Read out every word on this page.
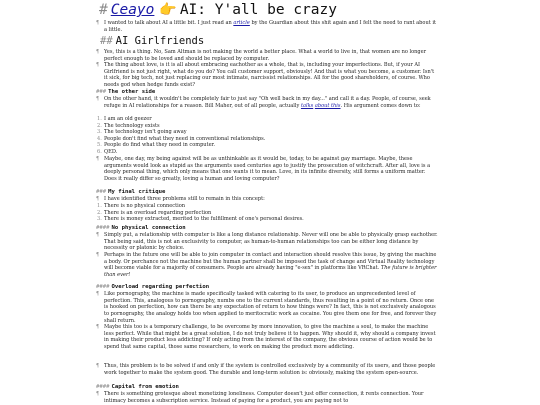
# Ceayo 👉 AI: Y'all be crazy
¶ I wanted to talk about AI a little bit. I just read an article by the Guardian about this shit again and I felt the need to rant about it a little.
## AI Girlfriends
¶ Yes, this is a thing. No, Sam Altman is not making the world a better place. What a world to live in, that women are no longer perfect enough to be loved and should be replaced by computer.
¶ The thing about love, is it is all about embracing eachother as a whole, that is, including your imperfections. But, if your AI Girlfriend is not just right, what do you do? You call customer support, obviously! And that is what you become, a customer. Isn't it sick, for big tech, not just replacing our most intimate, narcissist relationships. All for the good shareholders, of course. Who needs god when hedge funds exist?
### The other side
¶ On the other hand, it wouldn't be completely fair to just say "Oh well back in my day..." and call it a day. People, of course, seek refuge in AI relationships for a reason. Bill Maher, out of all people, actually talks about this. His argument comes down to:
1. I am an old geezer
2. The technology exists
3. The technology isn't going away
4. People don't find what they need in conventional relationships.
5. People do find what they need in computer.
6. QED.
¶ Maybe, one day, my being against will be as unthinkable as it would be, today, to be against gay marriage. Maybe, these arguments would look as stupid as the arguments used centuries ago to justify the prosecution of witchcraft. After all, love is a deeply personal thing, which only means that one wants it to mean. Love, in its infinite diversity, still forms a uniform matter. Does it really differ so greatly, loving a human and loving computer?
### My final critique
¶ I have identified three problems still to remain in this concept:
1. There is no physical connection
2. There is an overload regarding perfection
3. There is money extracted, merited to the fulfillment of one's personal desires.
#### No physical connection
¶ Simply put, a relationship with computer is like a long distance relationship. Never will one be able to physically grasp eachother. That being said, this is not an exclusivity to computer, as human-to-human relationships too can be either long distance by necessity or platonic by choice.
¶ Perhaps in the future one will be able to join computer in contact and interaction should resolve this issue, by giving the machine a body. Or perchance not the machine but the human partner shall be imposed the task of change and Virtual Reality technology will become viable for a majority of consumers. People are already having "e-sex" in platforms like VRChat. The future is brighter than ever!
#### Overload regarding perfection
¶ Like pornography, the machine is made specifically tasked with catering to its user, to produce an unprecedented level of perfection. This, analogous to pornography, numbs one to the current standards, thus resulting in a point of no return. Once one is hooked on perfection, how can there be any expectation of return to how things were? In fact, this is not exclusively analogous to pornography, the analogy holds too when applied to meritocratic work as cocaine. You give them one for free, and forever they shall return.
¶ Maybe this too is a temporary challenge, to be overcome by more innovation, to give the machine a soul, to make the machine less perfect. While that might be a great solution, I do not truly believe it to happen. Why should it, why should a company invest in making their product less addicting? If only acting from the interest of the company, the obvious course of action would be to spend that same capital, those same researchers, to work on making the product more addicting.
¶ Thus, this problem is to be solved if and only if the system is controlled exclusively by a community of its users, and those people work together to make the system good. The durable and long-term solution is: obviously, making the system open-source.
#### Capital from emotion
¶ There is something grotesque about monetizing loneliness. Computer doesn't just offer connection, it rents connection. Your intimacy becomes a subscription service. Instead of paying for a product, you are paying not to
